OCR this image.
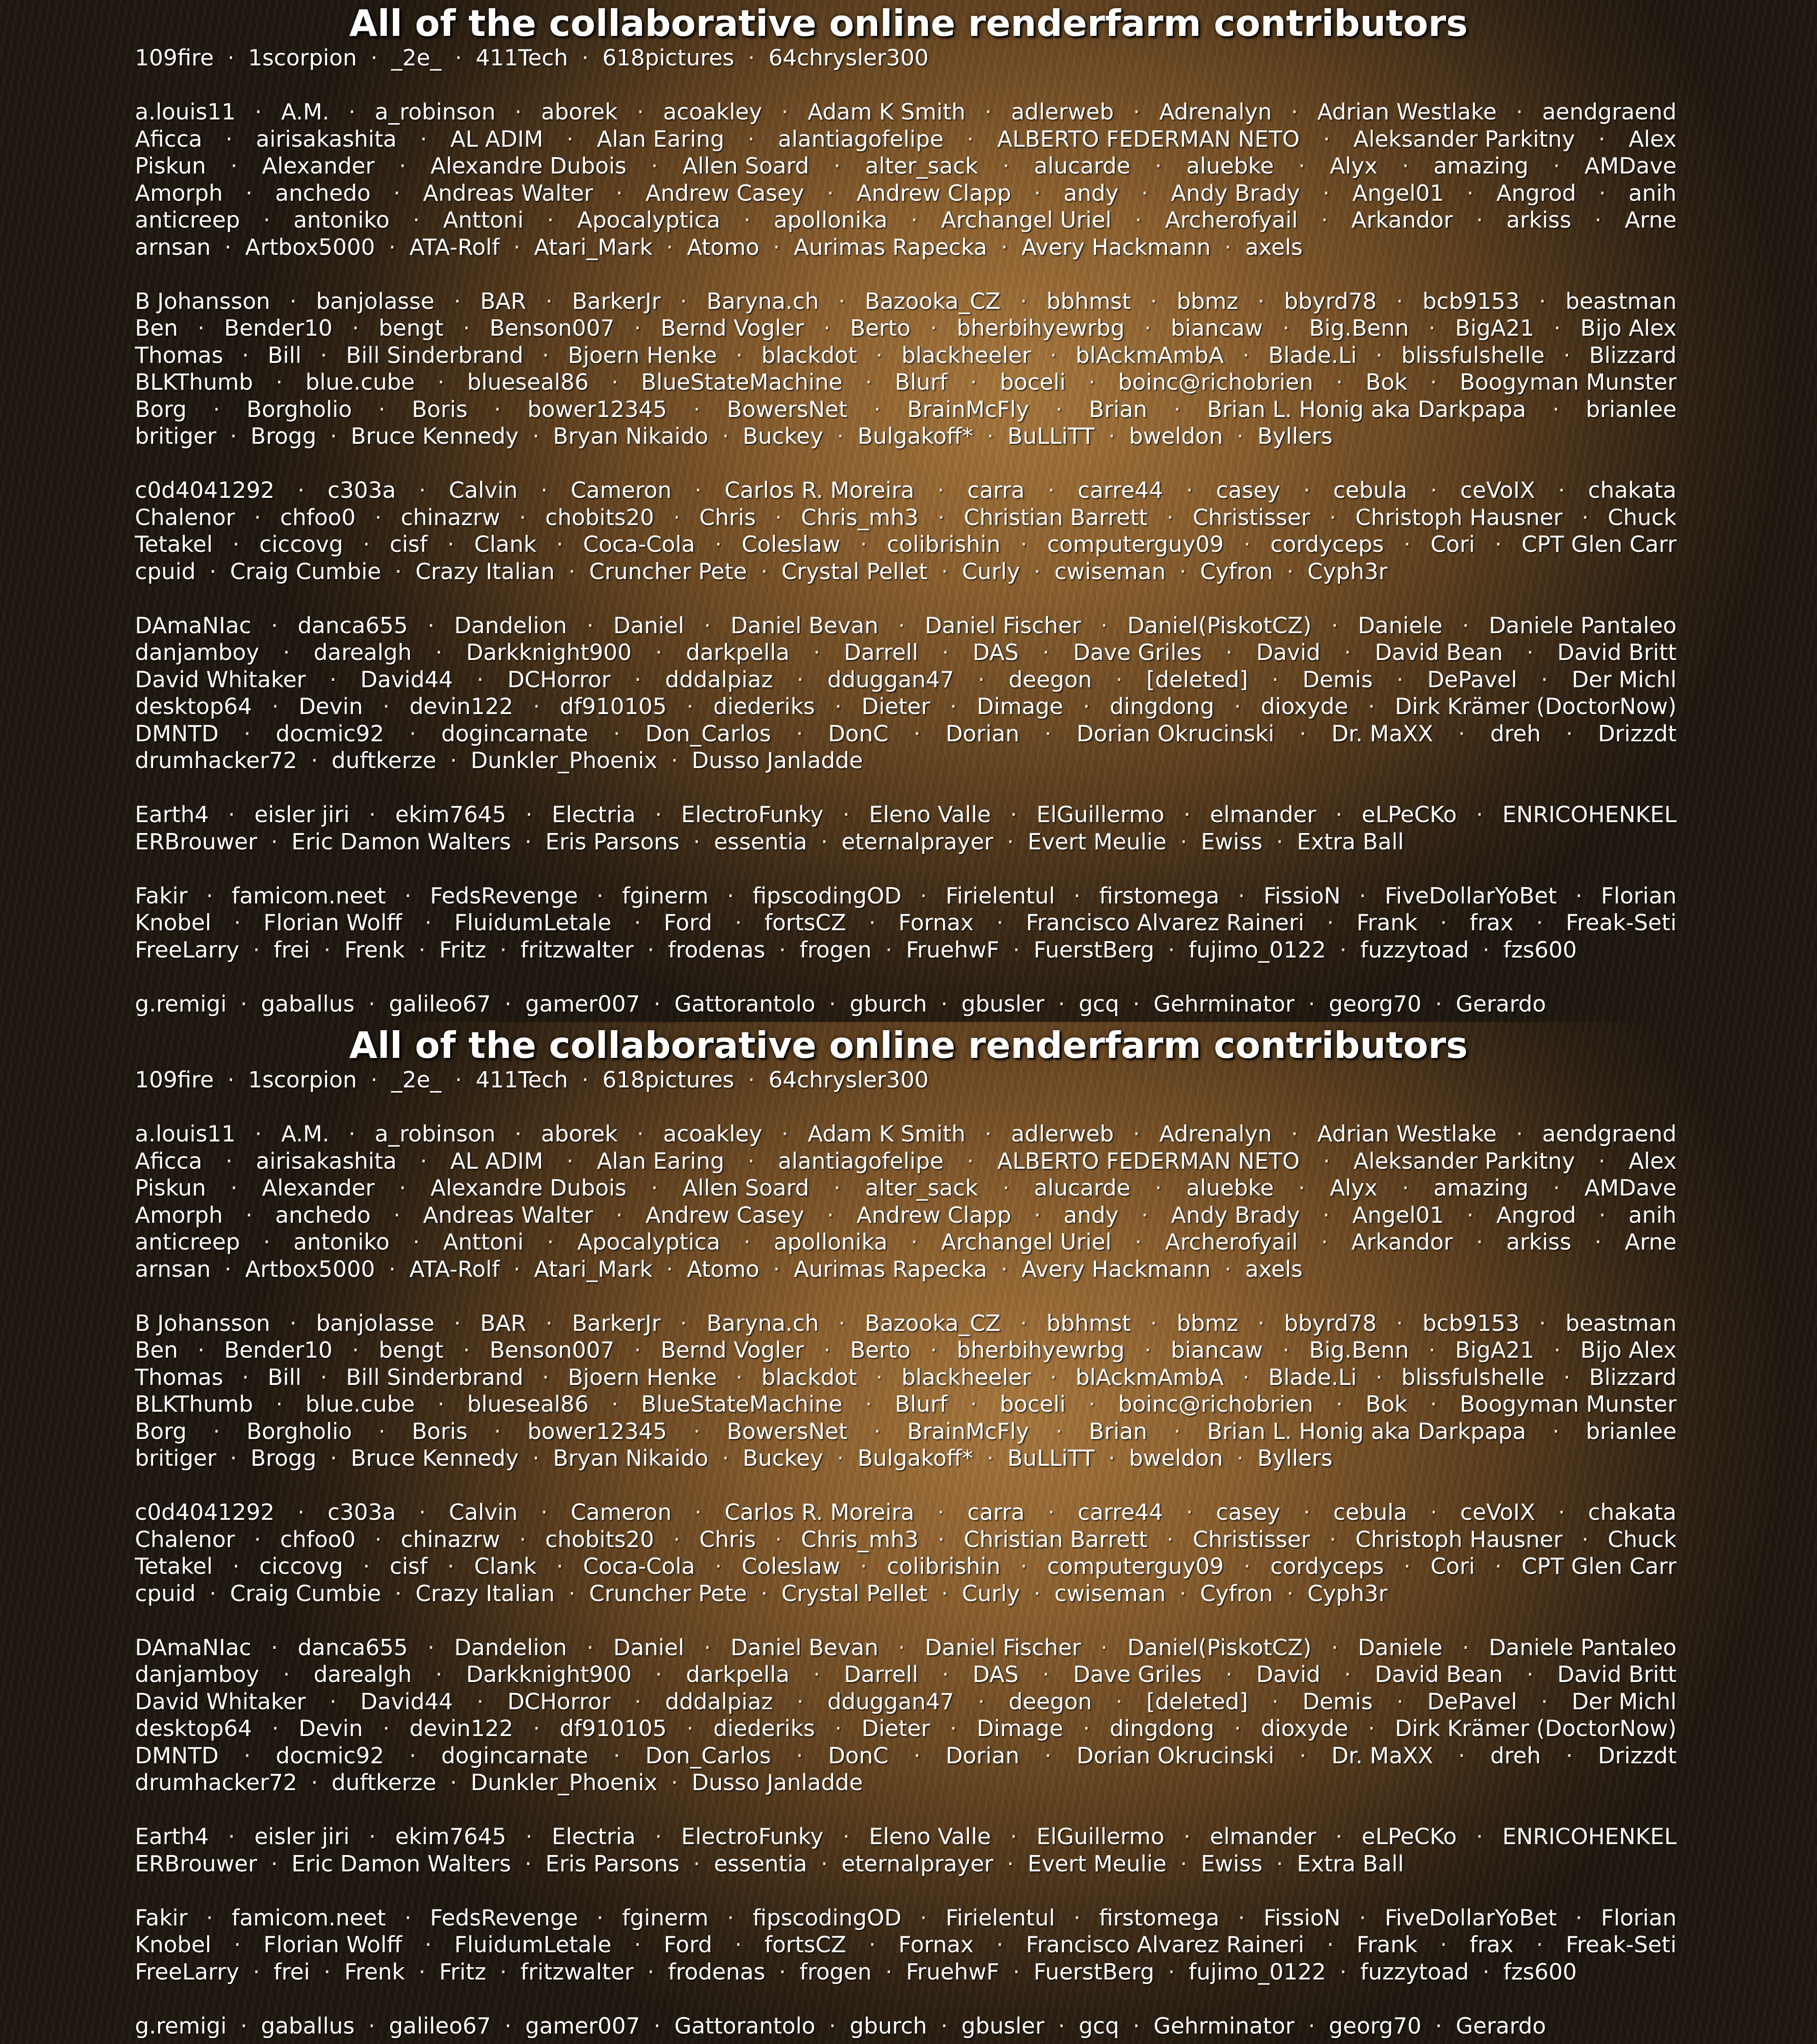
All of the collaborative online renderfarm contributors
109fire · 1scorpion · _2e_ · 411Tech · 618pictures · 64chrysler300
a.louis11 · A.M. · a_robinson · aborek · acoakley · Adam K Smith · adlerweb · Adrenalyn · Adrian Westlake · aendgraend
Aficca · airisakashita · AL ADIM · Alan Earing · alantiagofelipe · ALBERTO FEDERMAN NETO · Aleksander Parkitny · Alex
Piskun · Alexander · Alexandre Dubois · Allen Soard · alter_sack · alucarde · aluebke · Alyx · amazing · AMDave
Amorph · anchedo · Andreas Walter · Andrew Casey · Andrew Clapp · andy · Andy Brady · Angel01 · Angrod · anih
anticreep · antoniko · Anttoni · Apocalyptica · apollonika · Archangel Uriel · Archerofyail · Arkandor · arkiss · Arne
arnsan · Artbox5000 · ATA-Rolf · Atari_Mark · Atomo · Aurimas Rapecka · Avery Hackmann · axels
B Johansson · banjolasse · BAR · BarkerJr · Baryna.ch · Bazooka_CZ · bbhmst · bbmz · bbyrd78 · bcb9153 · beastman
Ben · Bender10 · bengt · Benson007 · Bernd Vogler · Berto · bherbihyewrbg · biancaw · Big.Benn · BigA21 · Bijo Alex
Thomas · Bill · Bill Sinderbrand · Bjoern Henke · blackdot · blackheeler · blAckmAmbA · Blade.Li · blissfulshelle · Blizzard
BLKThumb · blue.cube · blueseal86 · BlueStateMachine · Blurf · boceli · boinc@richobrien · Bok · Boogyman Munster
Borg · Borgholio · Boris · bower12345 · BowersNet · BrainMcFly · Brian · Brian L. Honig aka Darkpapa · brianlee
britiger · Brogg · Bruce Kennedy · Bryan Nikaido · Buckey · Bulgakoff* · BuLLiTT · bweldon · Byllers
c0d4041292 · c303a · Calvin · Cameron · Carlos R. Moreira · carra · carre44 · casey · cebula · ceVoIX · chakata
Chalenor · chfoo0 · chinazrw · chobits20 · Chris · Chris_mh3 · Christian Barrett · Christisser · Christoph Hausner · Chuck
Tetakel · ciccovg · cisf · Clank · Coca-Cola · Coleslaw · colibrishin · computerguy09 · cordyceps · Cori · CPT Glen Carr
cpuid · Craig Cumbie · Crazy Italian · Cruncher Pete · Crystal Pellet · Curly · cwiseman · Cyfron · Cyph3r
DAmaNIac · danca655 · Dandelion · Daniel · Daniel Bevan · Daniel Fischer · Daniel(PiskotCZ) · Daniele · Daniele Pantaleo
danjamboy · darealgh · Darkknight900 · darkpella · Darrell · DAS · Dave Griles · David · David Bean · David Britt
David Whitaker · David44 · DCHorror · dddalpiaz · dduggan47 · deegon · [deleted] · Demis · DePavel · Der Michl
desktop64 · Devin · devin122 · df910105 · diederiks · Dieter · Dimage · dingdong · dioxyde · Dirk Krämer (DoctorNow)
DMNTD · docmic92 · dogincarnate · Don_Carlos · DonC · Dorian · Dorian Okrucinski · Dr. MaXX · dreh · Drizzdt
drumhacker72 · duftkerze · Dunkler_Phoenix · Dusso Janladde
Earth4 · eisler jiri · ekim7645 · Electria · ElectroFunky · Eleno Valle · ElGuillermo · elmander · eLPeCKo · ENRICOHENKEL
ERBrouwer · Eric Damon Walters · Eris Parsons · essentia · eternalprayer · Evert Meulie · Ewiss · Extra Ball
Fakir · famicom.neet · FedsRevenge · fginerm · fipscodingOD · Firielentul · firstomega · FissioN · FiveDollarYoBet · Florian
Knobel · Florian Wolff · FluidumLetale · Ford · fortsCZ · Fornax · Francisco Alvarez Raineri · Frank · frax · Freak-Seti
FreeLarry · frei · Frenk · Fritz · fritzwalter · frodenas · frogen · FruehwF · FuerstBerg · fujimo_0122 · fuzzytoad · fzs600
g.remigi · gaballus · galileo67 · gamer007 · Gattorantolo · gburch · gbusler · gcq · Gehrminator · georg70 · Gerardo
All of the collaborative online renderfarm contributors
109fire · 1scorpion · _2e_ · 411Tech · 618pictures · 64chrysler300
a.louis11 · A.M. · a_robinson · aborek · acoakley · Adam K Smith · adlerweb · Adrenalyn · Adrian Westlake · aendgraend
Aficca · airisakashita · AL ADIM · Alan Earing · alantiagofelipe · ALBERTO FEDERMAN NETO · Aleksander Parkitny · Alex
Piskun · Alexander · Alexandre Dubois · Allen Soard · alter_sack · alucarde · aluebke · Alyx · amazing · AMDave
Amorph · anchedo · Andreas Walter · Andrew Casey · Andrew Clapp · andy · Andy Brady · Angel01 · Angrod · anih
anticreep · antoniko · Anttoni · Apocalyptica · apollonika · Archangel Uriel · Archerofyail · Arkandor · arkiss · Arne
arnsan · Artbox5000 · ATA-Rolf · Atari_Mark · Atomo · Aurimas Rapecka · Avery Hackmann · axels
B Johansson · banjolasse · BAR · BarkerJr · Baryna.ch · Bazooka_CZ · bbhmst · bbmz · bbyrd78 · bcb9153 · beastman
Ben · Bender10 · bengt · Benson007 · Bernd Vogler · Berto · bherbihyewrbg · biancaw · Big.Benn · BigA21 · Bijo Alex
Thomas · Bill · Bill Sinderbrand · Bjoern Henke · blackdot · blackheeler · blAckmAmbA · Blade.Li · blissfulshelle · Blizzard
BLKThumb · blue.cube · blueseal86 · BlueStateMachine · Blurf · boceli · boinc@richobrien · Bok · Boogyman Munster
Borg · Borgholio · Boris · bower12345 · BowersNet · BrainMcFly · Brian · Brian L. Honig aka Darkpapa · brianlee
britiger · Brogg · Bruce Kennedy · Bryan Nikaido · Buckey · Bulgakoff* · BuLLiTT · bweldon · Byllers
c0d4041292 · c303a · Calvin · Cameron · Carlos R. Moreira · carra · carre44 · casey · cebula · ceVoIX · chakata
Chalenor · chfoo0 · chinazrw · chobits20 · Chris · Chris_mh3 · Christian Barrett · Christisser · Christoph Hausner · Chuck
Tetakel · ciccovg · cisf · Clank · Coca-Cola · Coleslaw · colibrishin · computerguy09 · cordyceps · Cori · CPT Glen Carr
cpuid · Craig Cumbie · Crazy Italian · Cruncher Pete · Crystal Pellet · Curly · cwiseman · Cyfron · Cyph3r
DAmaNIac · danca655 · Dandelion · Daniel · Daniel Bevan · Daniel Fischer · Daniel(PiskotCZ) · Daniele · Daniele Pantaleo
danjamboy · darealgh · Darkknight900 · darkpella · Darrell · DAS · Dave Griles · David · David Bean · David Britt
David Whitaker · David44 · DCHorror · dddalpiaz · dduggan47 · deegon · [deleted] · Demis · DePavel · Der Michl
desktop64 · Devin · devin122 · df910105 · diederiks · Dieter · Dimage · dingdong · dioxyde · Dirk Krämer (DoctorNow)
DMNTD · docmic92 · dogincarnate · Don_Carlos · DonC · Dorian · Dorian Okrucinski · Dr. MaXX · dreh · Drizzdt
drumhacker72 · duftkerze · Dunkler_Phoenix · Dusso Janladde
Earth4 · eisler jiri · ekim7645 · Electria · ElectroFunky · Eleno Valle · ElGuillermo · elmander · eLPeCKo · ENRICOHENKEL
ERBrouwer · Eric Damon Walters · Eris Parsons · essentia · eternalprayer · Evert Meulie · Ewiss · Extra Ball
Fakir · famicom.neet · FedsRevenge · fginerm · fipscodingOD · Firielentul · firstomega · FissioN · FiveDollarYoBet · Florian
Knobel · Florian Wolff · FluidumLetale · Ford · fortsCZ · Fornax · Francisco Alvarez Raineri · Frank · frax · Freak-Seti
FreeLarry · frei · Frenk · Fritz · fritzwalter · frodenas · frogen · FruehwF · FuerstBerg · fujimo_0122 · fuzzytoad · fzs600
g.remigi · gaballus · galileo67 · gamer007 · Gattorantolo · gburch · gbusler · gcq · Gehrminator · georg70 · Gerardo
